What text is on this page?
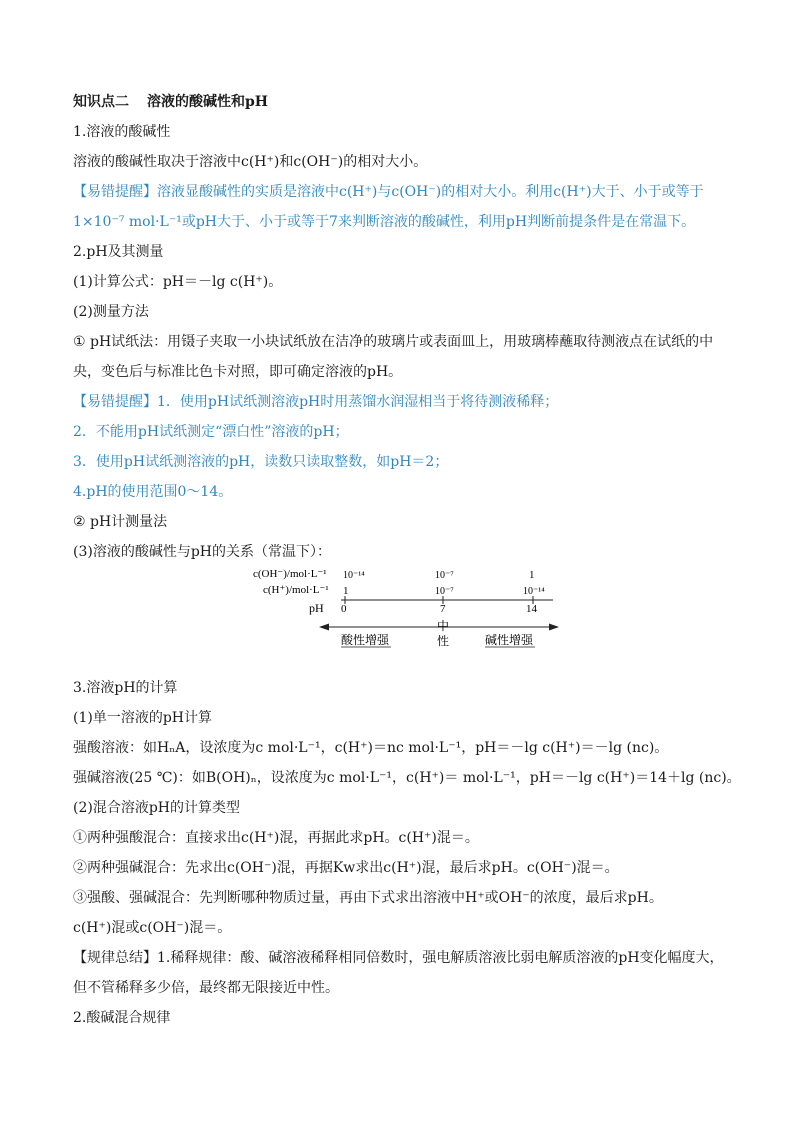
知识点二 溶液的酸碱性和pH
1.溶液的酸碱性
溶液的酸碱性取决于溶液中c(H⁺)和c(OH⁻)的相对大小。
【易错提醒】溶液显酸碱性的实质是溶液中c(H⁺)与c(OH⁻)的相对大小。利用c(H⁺)大于、小于或等于
1×10⁻⁷ mol·L⁻¹或pH大于、小于或等于7来判断溶液的酸碱性，利用pH判断前提条件是在常温下。
2.pH及其测量
(1)计算公式：pH＝－lg c(H⁺)。
(2)测量方法
① pH试纸法：用镊子夹取一小块试纸放在洁净的玻璃片或表面皿上，用玻璃棒蘸取待测液点在试纸的中
央，变色后与标准比色卡对照，即可确定溶液的pH。
【易错提醒】1．使用pH试纸测溶液pH时用蒸馏水润湿相当于将待测液稀释；
2．不能用pH试纸测定“漂白性”溶液的pH；
3．使用pH试纸测溶液的pH，读数只读取整数，如pH＝2；
4.pH的使用范围0～14。
② pH计测量法
(3)溶液的酸碱性与pH的关系（常温下）：
3.溶液pH的计算
(1)单一溶液的pH计算
强酸溶液：如HₙA，设浓度为c mol·L⁻¹，c(H⁺)＝nc mol·L⁻¹，pH＝－lg c(H⁺)＝－lg (nc)。
强碱溶液(25 ℃)：如B(OH)ₙ，设浓度为c mol·L⁻¹，c(H⁺)＝ mol·L⁻¹，pH＝－lg c(H⁺)＝14＋lg (nc)。
(2)混合溶液pH的计算类型
①两种强酸混合：直接求出c(H⁺)混，再据此求pH。c(H⁺)混＝。
②两种强碱混合：先求出c(OH⁻)混，再据Kw求出c(H⁺)混，最后求pH。c(OH⁻)混＝。
③强酸、强碱混合：先判断哪种物质过量，再由下式求出溶液中H⁺或OH⁻的浓度，最后求pH。
c(H⁺)混或c(OH⁻)混＝。
【规律总结】1.稀释规律：酸、碱溶液稀释相同倍数时，强电解质溶液比弱电解质溶液的pH变化幅度大，
但不管稀释多少倍，最终都无限接近中性。
2.酸碱混合规律
c(OH⁻)/mol·L⁻¹
c(H⁺)/mol·L⁻¹
pH
10⁻¹⁴	10⁻⁷	1
1	10⁻⁷	10⁻¹⁴
0	7	14
酸性增强
中
性	碱性增强
